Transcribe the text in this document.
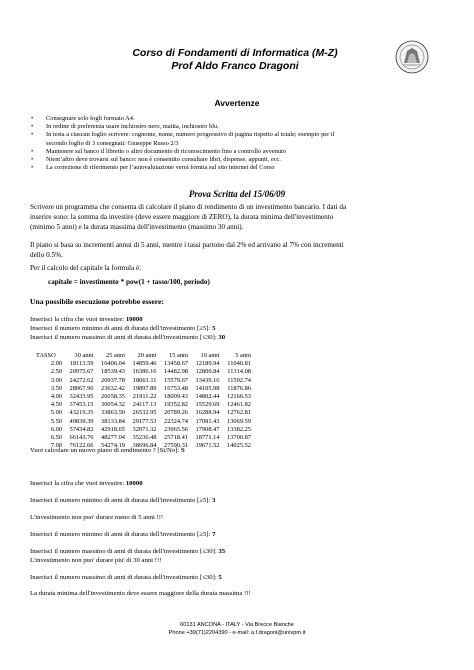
Corso di Fondamenti di Informatica (M-Z)
Prof Aldo Franco Dragoni
Avvertenze
• Consegnare solo fogli formato A4.
• In ordine di preferenza usare inchiostro nero, matita, inchiostro blu.
• In testa a ciascun foglio scrivere: cognome, nome, numero progressivo di pagina rispetto al totale; esempio per il
secondo foglio di 3 consegnati: Giuseppe Russo 2/3
• Mantenere sul banco il libretto o altro documento di riconoscimento fino a controllo avvenuto
• Nient’altro deve trovarsi sul banco: non è consentito consultare libri, dispense, appunti, ecc.
• La correzione di riferimento per l’autovalutazione verrà fornita sul sito internet del Corso
Prova Scritta del 15/06/09
Scrivere un programma che consenta di calcolare il piano di rendimento di un investimento bancario. I dati da
inserire sono: la somma da investire (deve essere maggiore di ZERO), la durata minima dell'investimento
(minimo 5 anni) e la durata massima dell'investimento (massimo 30 anni).
Il piano si basa su incrementi annui di 5 anni, mentre i tassi partono dal 2% ed arrivano al 7% con incrementi
dello 0.5%.
Per il calcolo del capitale la formula è:
capitale = investimento * pow(1 + tasso/100, periodo)
Una possibile esecuzione potrebbe essere:
Inserisci la cifra che vuoi investire: 10000
Inserisci il numero minimo di anni di durata dell'investimento [≥5]: 5
Inserisci il numero massimo di anni di durata dell'investimento [≤30]: 30
TASSO	30 anni	25 anni	20 anni	15 anni	10 anni	5 anni
2.00	18113.59	16406.04	14859.46	13458.67	12189.94	11040.81
2.50	20975.67	18539.43	16386.16	14482.98	12800.84	11314.08
3.00	24272.62	20937.78	18061.11	15579.67	13439.16	11592.74
3.50	28067.90	23632.42	19897.89	16753.48	14105.98	11876.86
4.00	32433.95	26658.35	21911.22	18009.43	14802.44	12166.53
4.50	37453.15	30054.32	24117.13	19352.82	15529.69	12461.82
5.00	43219.35	33863.50	26532.95	20789.26	16288.94	12762.81
5.50	49839.39	38133.84	29177.53	22324.74	17081.43	13069.59
6.00	57434.82	42918.65	32071.32	23965.56	17908.47	13382.25
6.50	66143.76	48277.04	35236.48	25718.41	18771.14	13700.87
7.00	76122.66	54274.19	38696.84	27590.31	19671.52	14025.52
Vuoi calcolare un nuovo piano di rendimento ? [Si/No]: S
Inserisci la cifra che vuoi investire: 10000
Inserisci il numero minimo di anni di durata dell'investimento [≥5]: 3
L'investimento non puo' durare meno di 5 anni !!!
Inserisci il numero minimo di anni di durata dell'investimento [≥5]: 7
Inserisci il numero massimo di anni di durata dell'investimento [≤30]: 35
L'investimento non puo' durare piu' di 30 anni !!!
Inserisci il numero massimo di anni di durata dell'investimento [≤30]: 5
La durata minima dell'investimento deve essere maggiore della durata massima !!!
60131 ANCONA - ITALY - Via Brecce Bianche
Phone +39(71)2204390 - e-mail: a.f.dragoni@univpm.it
